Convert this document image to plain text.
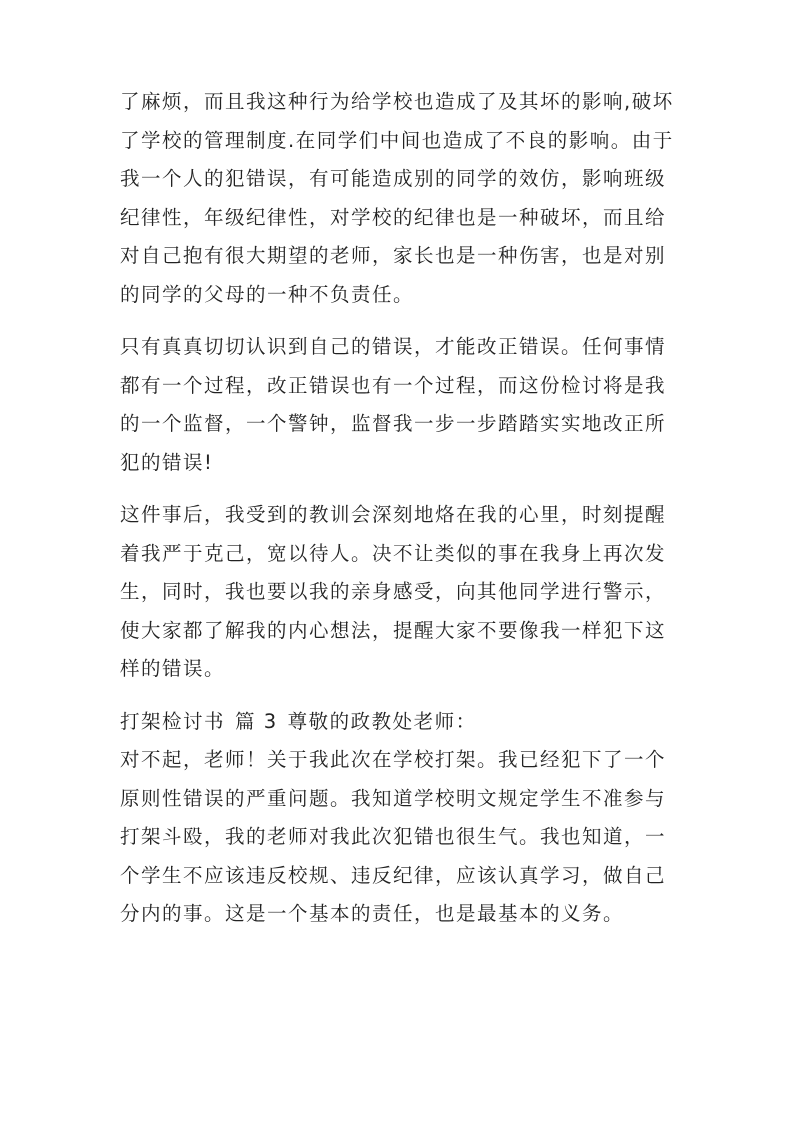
了麻烦，而且我这种行为给学校也造成了及其坏的影响,破坏
了学校的管理制度.在同学们中间也造成了不良的影响。由于
我一个人的犯错误，有可能造成别的同学的效仿，影响班级
纪律性，年级纪律性，对学校的纪律也是一种破坏，而且给
对自己抱有很大期望的老师，家长也是一种伤害，也是对别
的同学的父母的一种不负责任。

只有真真切切认识到自己的错误，才能改正错误。任何事情
都有一个过程，改正错误也有一个过程，而这份检讨将是我
的一个监督，一个警钟，监督我一步一步踏踏实实地改正所
犯的错误!

这件事后，我受到的教训会深刻地烙在我的心里，时刻提醒
着我严于克己，宽以待人。决不让类似的事在我身上再次发
生，同时，我也要以我的亲身感受，向其他同学进行警示，
使大家都了解我的内心想法，提醒大家不要像我一样犯下这
样的错误。

打架检讨书 篇 3 尊敬的政教处老师：

对不起，老师！关于我此次在学校打架。我已经犯下了一个
原则性错误的严重问题。我知道学校明文规定学生不准参与
打架斗殴，我的老师对我此次犯错也很生气。我也知道，一
个学生不应该违反校规、违反纪律，应该认真学习，做自己
分内的事。这是一个基本的责任，也是最基本的义务。
